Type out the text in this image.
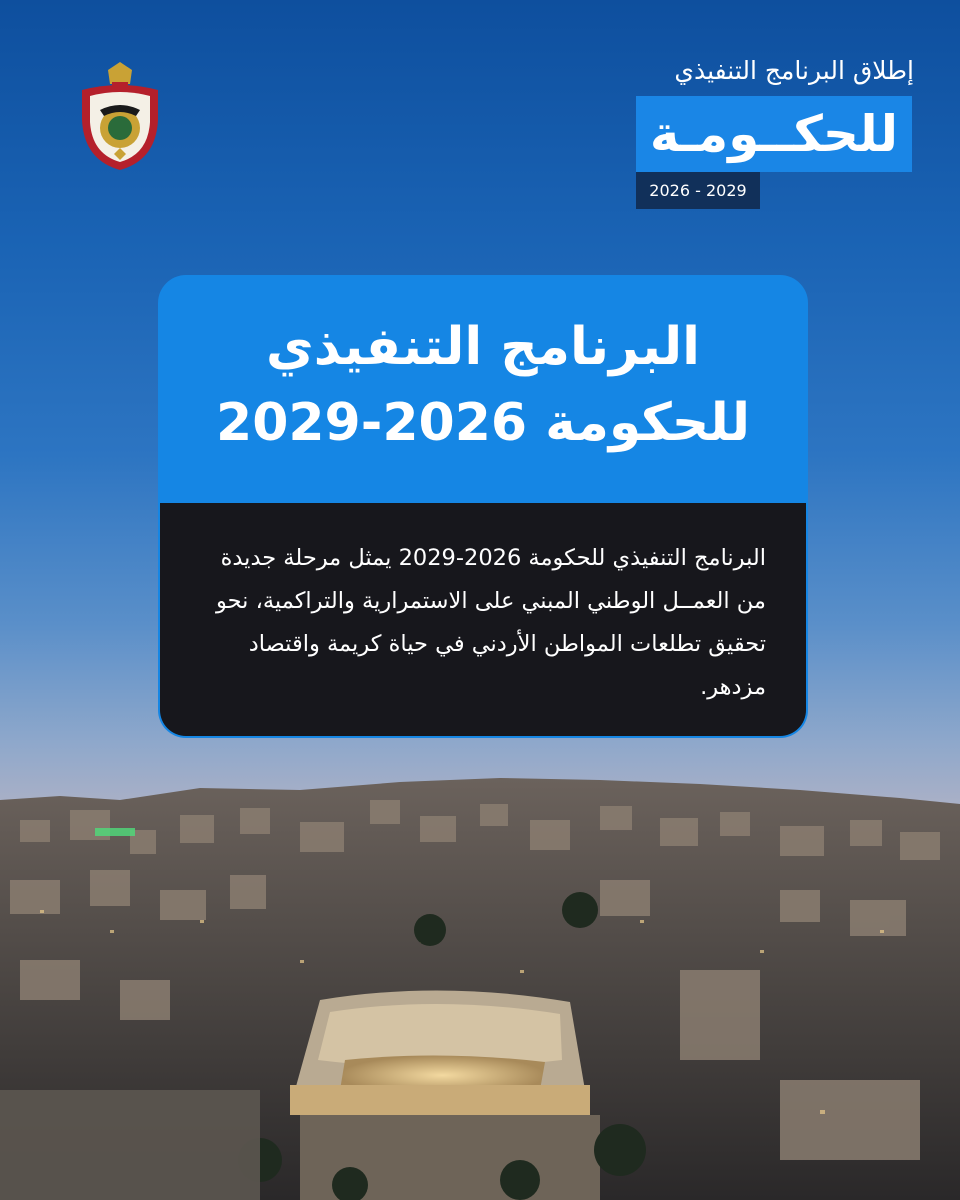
إطلاق البرنامج التنفيذي
للحكــومـة
2026 - 2029
البرنامج التنفيذي
للحكومة 2026-2029
البرنامج التنفيذي للحكومة 2026-2029 يمثل مرحلة جديدة من العمــل الوطني المبني على الاستمرارية والتراكمية، نحو تحقيق تطلعات المواطن الأردني في حياة كريمة واقتصاد مزدهر.
